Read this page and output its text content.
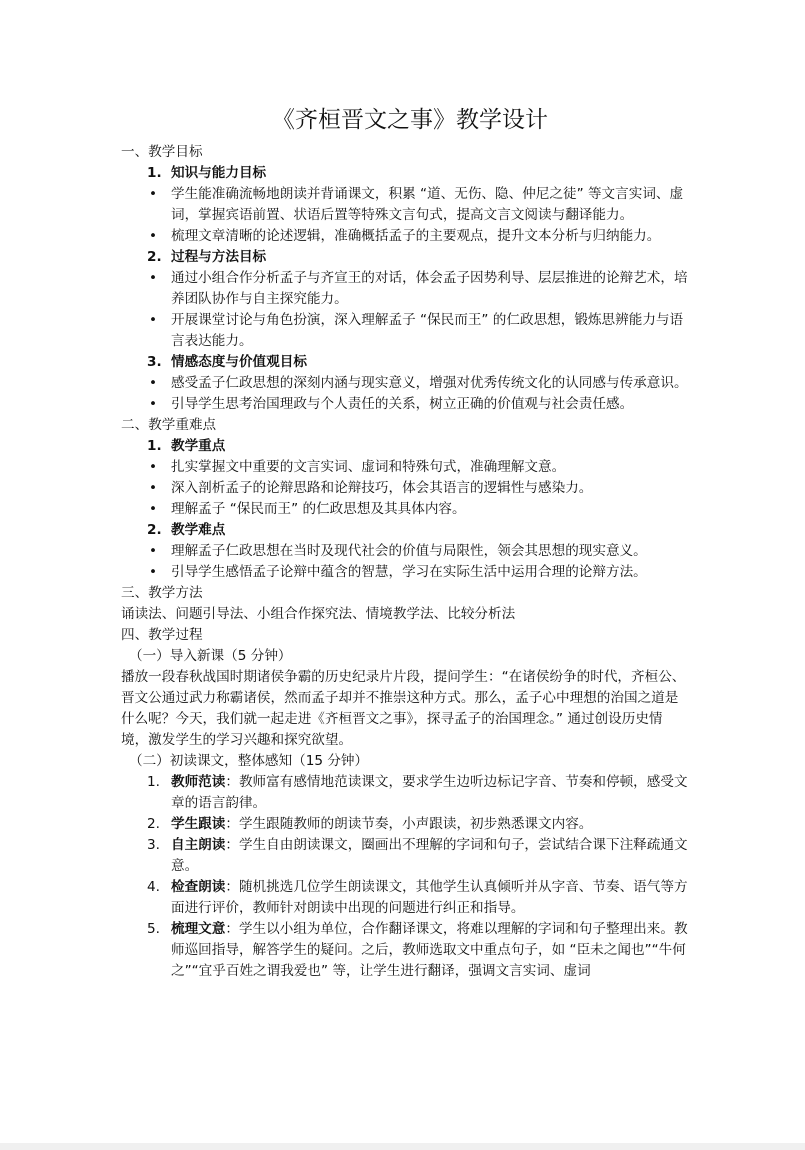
《齐桓晋文之事》教学设计
一、教学目标
1. 知识与能力目标
• 学生能准确流畅地朗读并背诵课文，积累 “道、无伤、隐、仲尼之徒” 等文言实词、虚词，掌握宾语前置、状语后置等特殊文言句式，提高文言文阅读与翻译能力。
• 梳理文章清晰的论述逻辑，准确概括孟子的主要观点，提升文本分析与归纳能力。
2. 过程与方法目标
• 通过小组合作分析孟子与齐宣王的对话，体会孟子因势利导、层层推进的论辩艺术，培养团队协作与自主探究能力。
• 开展课堂讨论与角色扮演，深入理解孟子 “保民而王” 的仁政思想，锻炼思辨能力与语言表达能力。
3. 情感态度与价值观目标
• 感受孟子仁政思想的深刻内涵与现实意义，增强对优秀传统文化的认同感与传承意识。
• 引导学生思考治国理政与个人责任的关系，树立正确的价值观与社会责任感。
二、教学重难点
1. 教学重点
• 扎实掌握文中重要的文言实词、虚词和特殊句式，准确理解文意。
• 深入剖析孟子的论辩思路和论辩技巧，体会其语言的逻辑性与感染力。
• 理解孟子 “保民而王” 的仁政思想及其具体内容。
2. 教学难点
• 理解孟子仁政思想在当时及现代社会的价值与局限性，领会其思想的现实意义。
• 引导学生感悟孟子论辩中蕴含的智慧，学习在实际生活中运用合理的论辩方法。
三、教学方法
诵读法、问题引导法、小组合作探究法、情境教学法、比较分析法
四、教学过程
（一）导入新课（5 分钟）
播放一段春秋战国时期诸侯争霸的历史纪录片片段，提问学生：“在诸侯纷争的时代，齐桓公、晋文公通过武力称霸诸侯，然而孟子却并不推崇这种方式。那么，孟子心中理想的治国之道是什么呢？今天，我们就一起走进《齐桓晋文之事》，探寻孟子的治国理念。” 通过创设历史情境，激发学生的学习兴趣和探究欲望。
（二）初读课文，整体感知（15 分钟）
1. 教师范读：教师富有感情地范读课文，要求学生边听边标记字音、节奏和停顿，感受文章的语言韵律。
2. 学生跟读：学生跟随教师的朗读节奏，小声跟读，初步熟悉课文内容。
3. 自主朗读：学生自由朗读课文，圈画出不理解的字词和句子，尝试结合课下注释疏通文意。
4. 检查朗读：随机挑选几位学生朗读课文，其他学生认真倾听并从字音、节奏、语气等方面进行评价，教师针对朗读中出现的问题进行纠正和指导。
5. 梳理文意：学生以小组为单位，合作翻译课文，将难以理解的字词和句子整理出来。教师巡回指导，解答学生的疑问。之后，教师选取文中重点句子，如 “臣未之闻也”“牛何之”“宜乎百姓之谓我爱也” 等，让学生进行翻译，强调文言实词、虚词
